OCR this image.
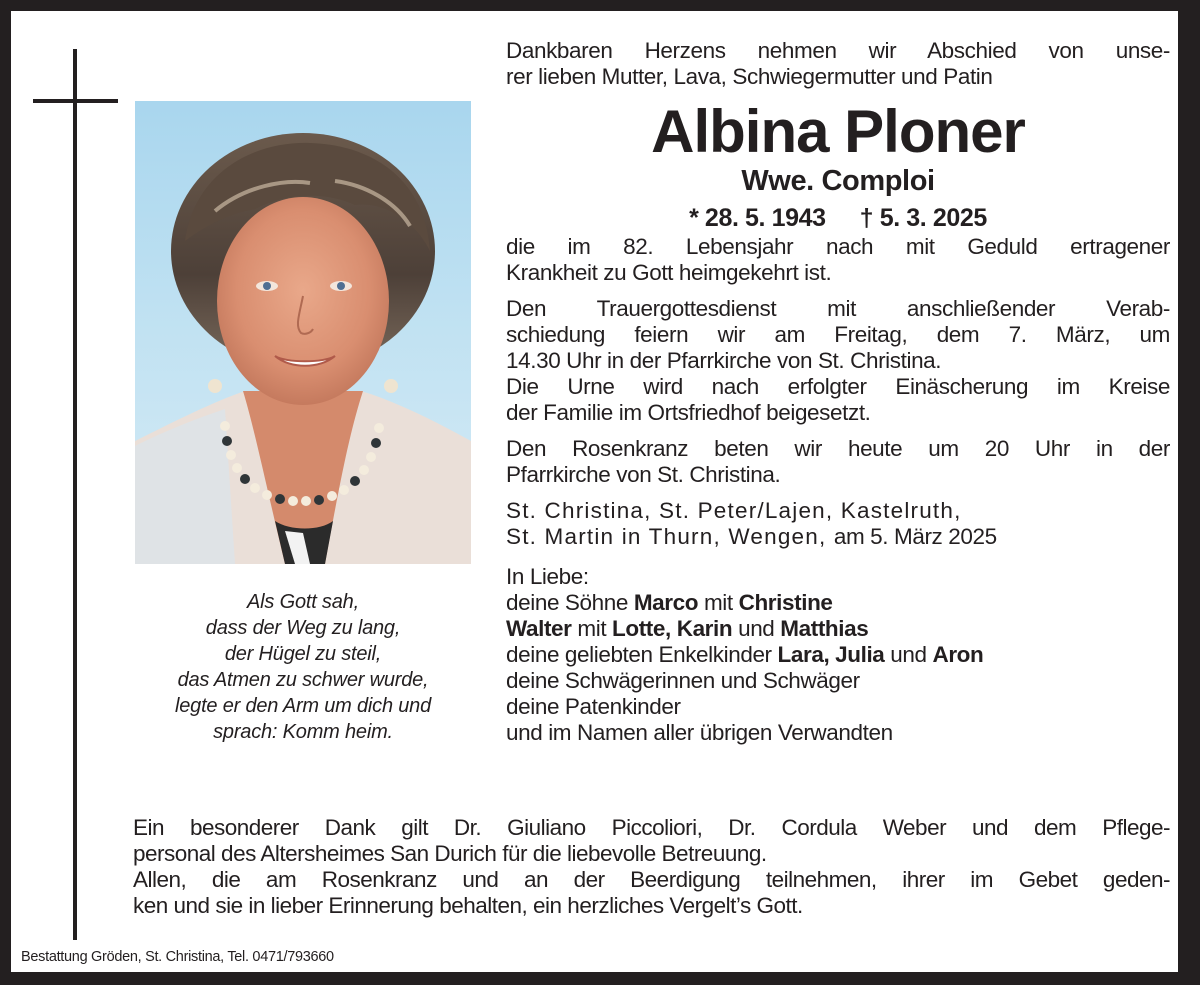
Als Gott sah,
dass der Weg zu lang,
der Hügel zu steil,
das Atmen zu schwer wurde,
legte er den Arm um dich und
sprach: Komm heim.
Dankbaren Herzens nehmen wir Abschied von unse-
rer lieben Mutter, Lava, Schwiegermutter und Patin
Albina Ploner
Wwe. Comploi
* 28. 5. 1943 † 5. 3. 2025
die im 82. Lebensjahr nach mit Geduld ertragener
Krankheit zu Gott heimgekehrt ist.
Den Trauergottesdienst mit anschließender Verab-
schiedung feiern wir am Freitag, dem 7. März, um
14.30 Uhr in der Pfarrkirche von St. Christina.
Die Urne wird nach erfolgter Einäscherung im Kreise
der Familie im Ortsfriedhof beigesetzt.
Den Rosenkranz beten wir heute um 20 Uhr in der
Pfarrkirche von St. Christina.
St. Christina, St. Peter/Lajen, Kastelruth,
St. Martin in Thurn, Wengen, am 5. März 2025
In Liebe:
deine Söhne Marco mit Christine
Walter mit Lotte, Karin und Matthias
deine geliebten Enkelkinder Lara, Julia und Aron
deine Schwägerinnen und Schwäger
deine Patenkinder
und im Namen aller übrigen Verwandten
Ein besonderer Dank gilt Dr. Giuliano Piccoliori, Dr. Cordula Weber und dem Pflege-
personal des Altersheimes San Durich für die liebevolle Betreuung.
Allen, die am Rosenkranz und an der Beerdigung teilnehmen, ihrer im Gebet geden-
ken und sie in lieber Erinnerung behalten, ein herzliches Vergelt’s Gott.
Bestattung Gröden, St. Christina, Tel. 0471/793660
